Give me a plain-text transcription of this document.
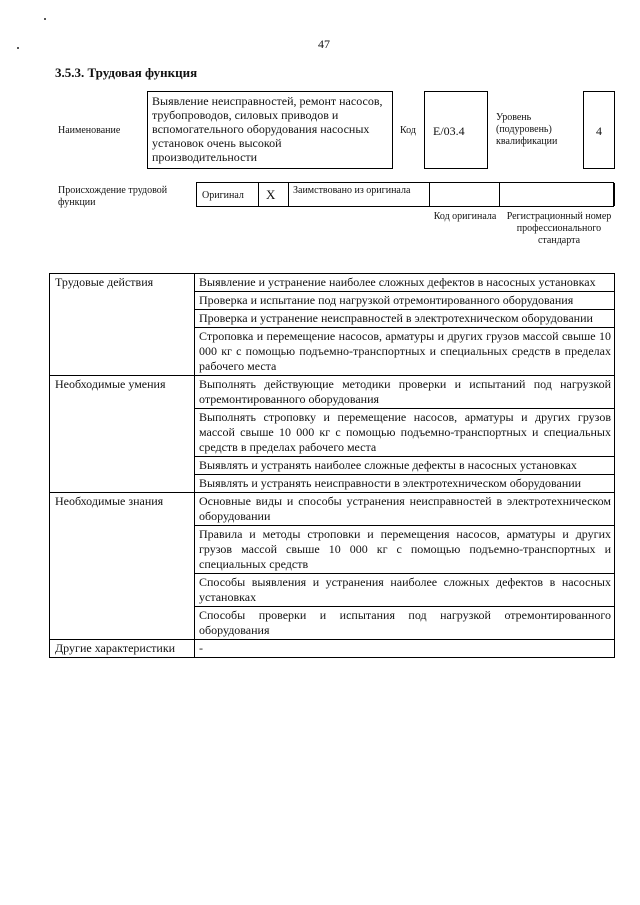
47
3.5.3. Трудовая функция
Наименование
Выявление неисправностей, ремонт насосов, трубопроводов, силовых приводов и вспомогательного оборудования насосных установок очень высокой производительности
Код	E/03.4
Уровень (подуровень) квалификации
4
Происхождение трудовой функции
Оригинал	X	Заимствовано из оригинала
Код оригинала	Регистрационный номер профессионального стандарта
Трудовые действия	Выявление и устранение наиболее сложных дефектов в насосных установках
	Проверка и испытание под нагрузкой отремонтированного оборудования
	Проверка и устранение неисправностей в электротехническом оборудовании
	Строповка и перемещение насосов, арматуры и других грузов массой свыше 10 000 кг с помощью подъемно-транспортных и специальных средств в пределах рабочего места
Необходимые умения	Выполнять действующие методики проверки и испытаний под нагрузкой отремонтированного оборудования
	Выполнять строповку и перемещение насосов, арматуры и других грузов массой свыше 10 000 кг с помощью подъемно-транспортных и специальных средств в пределах рабочего места
	Выявлять и устранять наиболее сложные дефекты в насосных установках
	Выявлять и устранять неисправности в электротехническом оборудовании
Необходимые знания	Основные виды и способы устранения неисправностей в электротехническом оборудовании
	Правила и методы строповки и перемещения насосов, арматуры и других грузов массой свыше 10 000 кг с помощью подъемно-транспортных и специальных средств
	Способы выявления и устранения наиболее сложных дефектов в насосных установках
	Способы проверки и испытания под нагрузкой отремонтированного оборудования
Другие характеристики	-
